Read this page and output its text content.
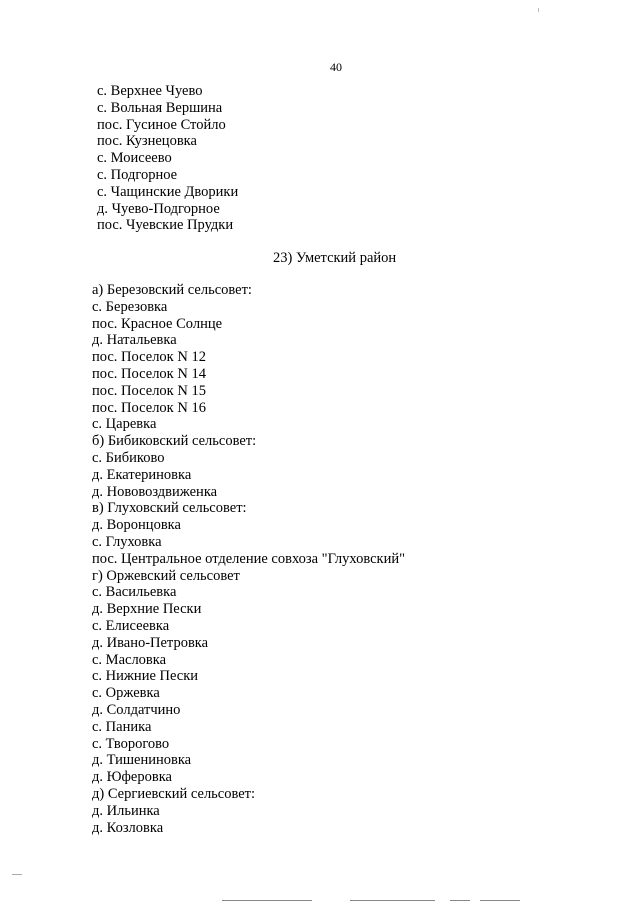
40
с. Верхнее Чуево
с. Вольная Вершина
пос. Гусиное Стойло
пос. Кузнецовка
с. Моисеево
с. Подгорное
с. Чащинские Дворики
д. Чуево-Подгорное
пос. Чуевские Прудки
23) Уметский район
а) Березовский сельсовет:
с. Березовка
пос. Красное Солнце
д. Натальевка
пос. Поселок N 12
пос. Поселок N 14
пос. Поселок N 15
пос. Поселок N 16
с. Царевка
б) Бибиковский сельсовет:
с. Бибиково
д. Екатериновка
д. Нововоздвиженка
в) Глуховский сельсовет:
д. Воронцовка
с. Глуховка
пос. Центральное отделение совхоза "Глуховский"
г) Оржевский сельсовет
с. Васильевка
д. Верхние Пески
с. Елисеевка
д. Ивано-Петровка
с. Масловка
с. Нижние Пески
с. Оржевка
д. Солдатчино
с. Паника
с. Творогово
д. Тишениновка
д. Юферовка
д) Сергиевский сельсовет:
д. Ильинка
д. Козловка
